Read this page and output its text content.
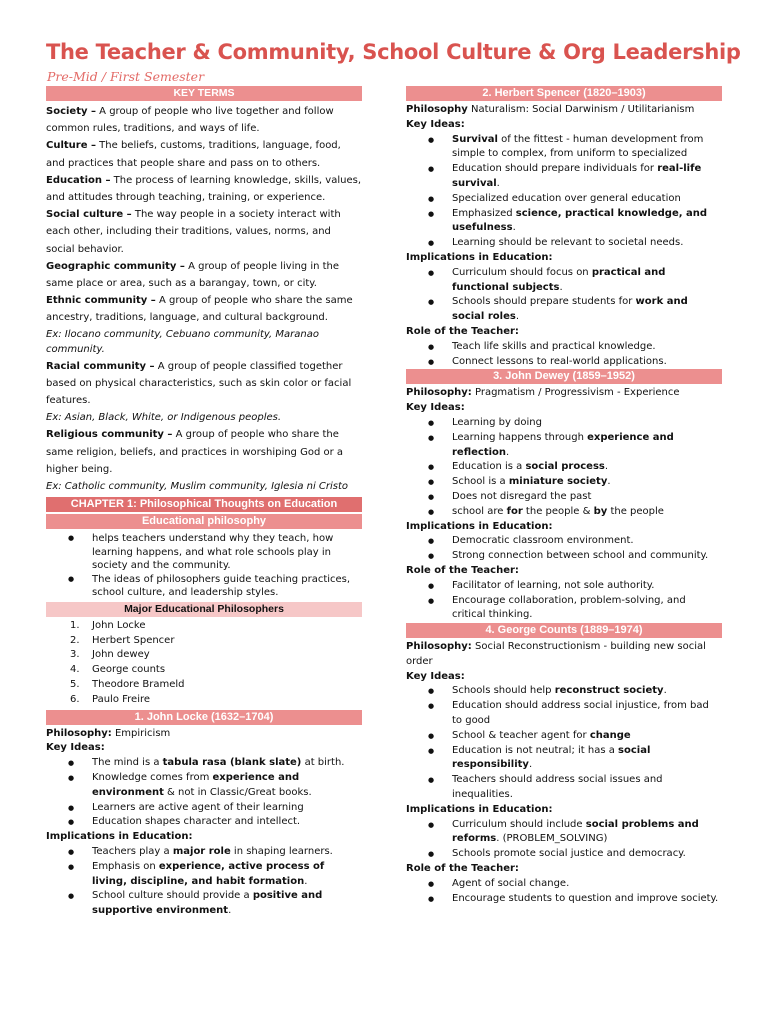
The Teacher & Community, School Culture & Org Leadership
Pre-Mid / First Semester
KEY TERMS

Society – A group of people who live together and follow common rules, traditions, and ways of life.

Culture – The beliefs, customs, traditions, language, food, and practices that people share and pass on to others.

Education – The process of learning knowledge, skills, values, and attitudes through teaching, training, or experience.

Social culture – The way people in a society interact with each other, including their traditions, values, norms, and social behavior.

Geographic community – A group of people living in the same place or area, such as a barangay, town, or city.

Ethnic community – A group of people who share the same ancestry, traditions, language, and cultural background.

Ex: Ilocano community, Cebuano community, Maranao community.

Racial community – A group of people classified together based on physical characteristics, such as skin color or facial features.

Ex: Asian, Black, White, or Indigenous peoples.

Religious community – A group of people who share the same religion, beliefs, and practices in worshiping God or a higher being.

Ex: Catholic community, Muslim community, Iglesia ni Cristo

CHAPTER 1: Philosophical Thoughts on Education
Educational philosophy
● helps teachers understand why they teach, how learning happens, and what role schools play in society and the community.
● The ideas of philosophers guide teaching practices, school culture, and leadership styles.
Major Educational Philosophers
1. John Locke
2. Herbert Spencer
3. John dewey
4. George counts
5. Theodore Brameld
6. Paulo Freire
1. John Locke (1632–1704)

Philosophy: Empiricism

Key Ideas:

● The mind is a tabula rasa (blank slate) at birth.
● Knowledge comes from experience and environment & not in Classic/Great books.
● Learners are active agent of their learning
● Education shapes character and intellect.

Implications in Education:

● Teachers play a major role in shaping learners.
● Emphasis on experience, active process of living, discipline, and habit formation.
● School culture should provide a positive and supportive environment.
2. Herbert Spencer (1820–1903)

Philosophy Naturalism: Social Darwinism / Utilitarianism

Key Ideas:

● Survival of the fittest - human development from simple to complex, from uniform to specialized
● Education should prepare individuals for real-life survival.
● Specialized education over general education
● Emphasized science, practical knowledge, and usefulness.
● Learning should be relevant to societal needs.

Implications in Education:

● Curriculum should focus on practical and functional subjects.
● Schools should prepare students for work and social roles.

Role of the Teacher:

● Teach life skills and practical knowledge.
● Connect lessons to real-world applications.
3. John Dewey (1859–1952)

Philosophy: Pragmatism / Progressivism - Experience

Key Ideas:

● Learning by doing
● Learning happens through experience and reflection.
● Education is a social process.
● School is a miniature society.
● Does not disregard the past
● school are for the people & by the people

Implications in Education:

● Democratic classroom environment.
● Strong connection between school and community.

Role of the Teacher:

● Facilitator of learning, not sole authority.
● Encourage collaboration, problem-solving, and critical thinking.
4. George Counts (1889–1974)

Philosophy: Social Reconstructionism - building new social order

Key Ideas:

● Schools should help reconstruct society.
● Education should address social injustice, from bad to good
● School & teacher agent for change
● Education is not neutral; it has a social responsibility.
● Teachers should address social issues and inequalities.

Implications in Education:

● Curriculum should include social problems and reforms. (PROBLEM_SOLVING)
● Schools promote social justice and democracy.

Role of the Teacher:

● Agent of social change.
● Encourage students to question and improve society.
